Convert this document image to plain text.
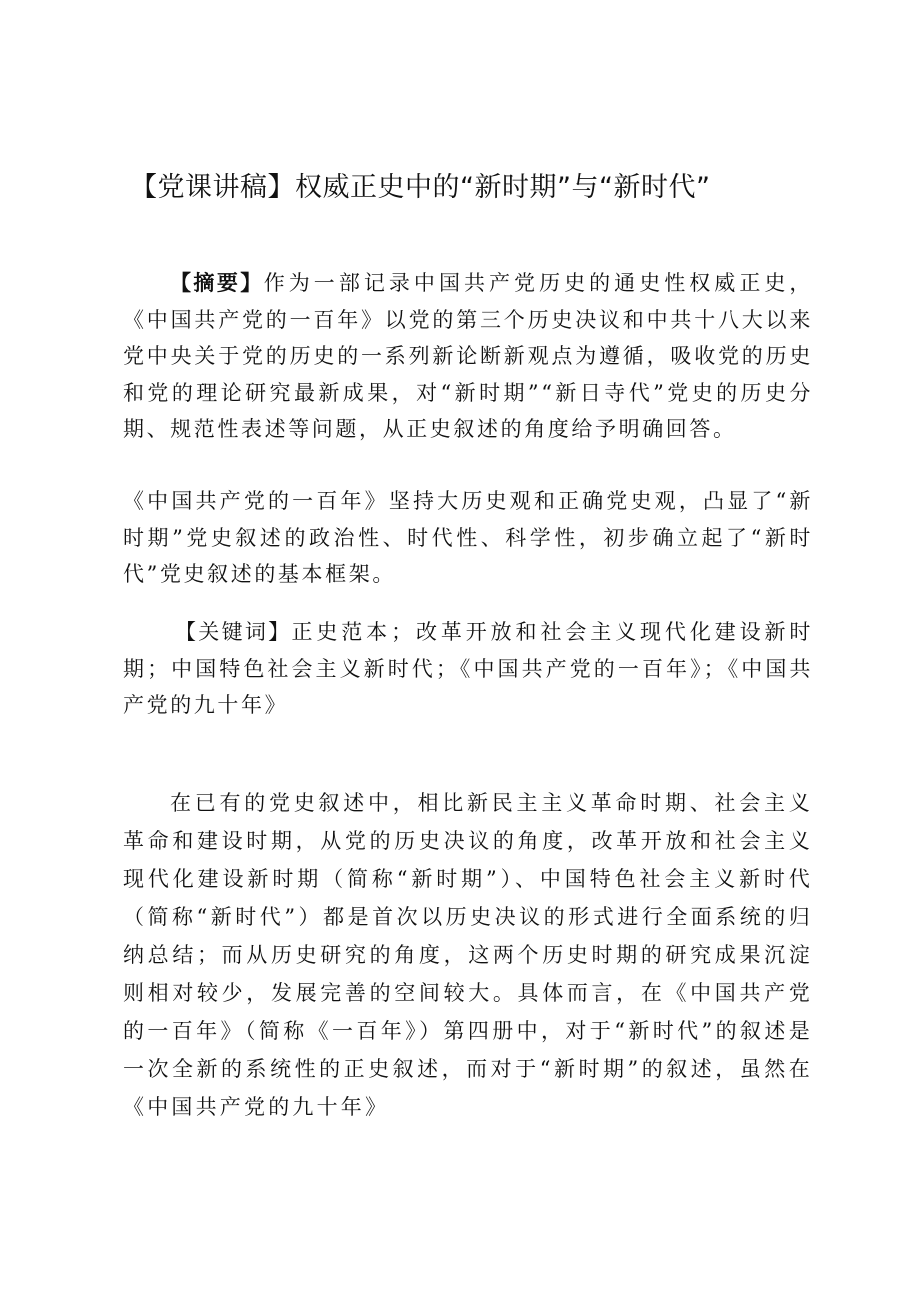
【党课讲稿】权威正史中的“新时期”与“新时代”
【摘要】作为一部记录中国共产党历史的通史性权威正史，《中国共产党的一百年》以党的第三个历史决议和中共十八大以来党中央关于党的历史的一系列新论断新观点为遵循，吸收党的历史和党的理论研究最新成果，对“新时期”“新日寺代”党史的历史分期、规范性表述等问题，从正史叙述的角度给予明确回答。
《中国共产党的一百年》坚持大历史观和正确党史观，凸显了“新时期”党史叙述的政治性、时代性、科学性，初步确立起了“新时代”党史叙述的基本框架。
【关键词】正史范本；改革开放和社会主义现代化建设新时期；中国特色社会主义新时代；《中国共产党的一百年》；《中国共产党的九十年》
在已有的党史叙述中，相比新民主主义革命时期、社会主义革命和建设时期，从党的历史决议的角度，改革开放和社会主义现代化建设新时期（简称“新时期”）、中国特色社会主义新时代（简称“新时代”）都是首次以历史决议的形式进行全面系统的归纳总结；而从历史研究的角度，这两个历史时期的研究成果沉淀则相对较少，发展完善的空间较大。具体而言，在《中国共产党的一百年》（简称《一百年》）第四册中，对于“新时代”的叙述是一次全新的系统性的正史叙述，而对于“新时期”的叙述，虽然在《中国共产党的九十年》
